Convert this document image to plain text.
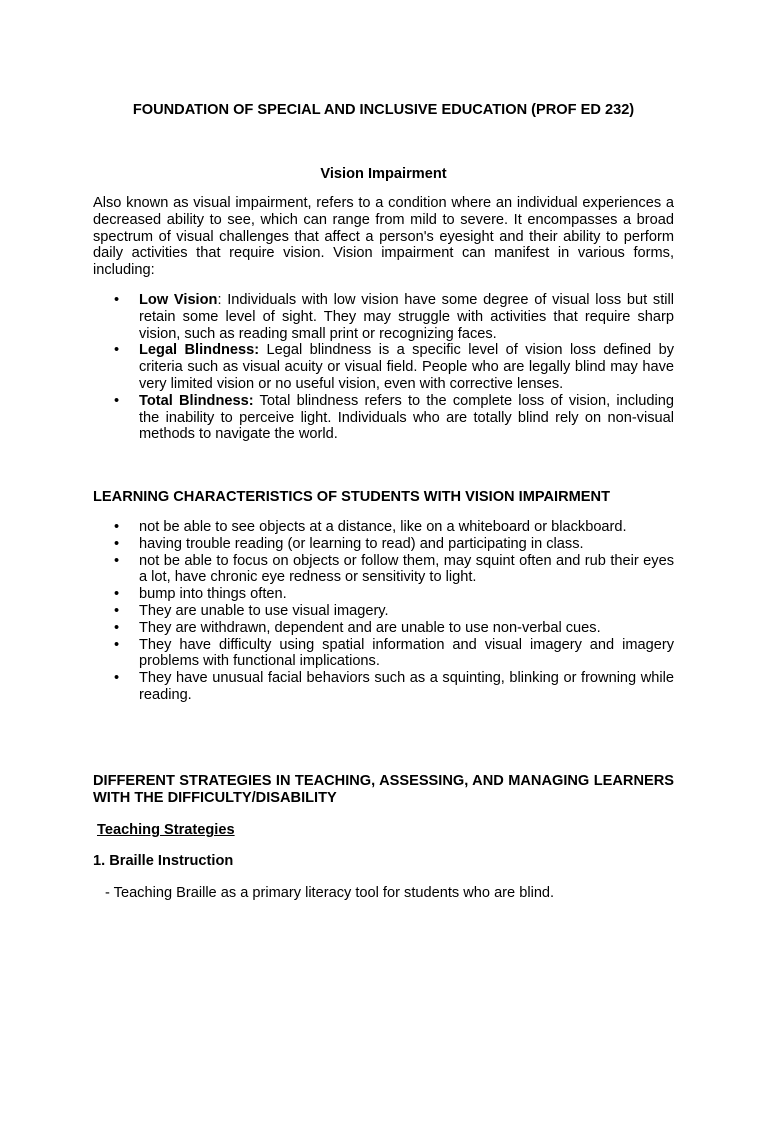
FOUNDATION OF SPECIAL AND INCLUSIVE EDUCATION (PROF ED 232)
Vision Impairment

Also known as visual impairment, refers to a condition where an individual experiences a decreased ability to see, which can range from mild to severe. It encompasses a broad spectrum of visual challenges that affect a person's eyesight and their ability to perform daily activities that require vision. Vision impairment can manifest in various forms, including:

• Low Vision: Individuals with low vision have some degree of visual loss but still retain some level of sight. They may struggle with activities that require sharp vision, such as reading small print or recognizing faces.
• Legal Blindness: Legal blindness is a specific level of vision loss defined by criteria such as visual acuity or visual field. People who are legally blind may have very limited vision or no useful vision, even with corrective lenses.
• Total Blindness: Total blindness refers to the complete loss of vision, including the inability to perceive light. Individuals who are totally blind rely on non-visual methods to navigate the world.
LEARNING CHARACTERISTICS OF STUDENTS WITH VISION IMPAIRMENT
• not be able to see objects at a distance, like on a whiteboard or blackboard.
• having trouble reading (or learning to read) and participating in class.
• not be able to focus on objects or follow them, may squint often and rub their eyes a lot, have chronic eye redness or sensitivity to light.
• bump into things often.
• They are unable to use visual imagery.
• They are withdrawn, dependent and are unable to use non-verbal cues.
• They have difficulty using spatial information and visual imagery and imagery problems with functional implications.
• They have unusual facial behaviors such as a squinting, blinking or frowning while reading.
DIFFERENT STRATEGIES IN TEACHING, ASSESSING, AND MANAGING LEARNERS WITH THE DIFFICULTY/DISABILITY
Teaching Strategies
1. Braille Instruction
- Teaching Braille as a primary literacy tool for students who are blind.
